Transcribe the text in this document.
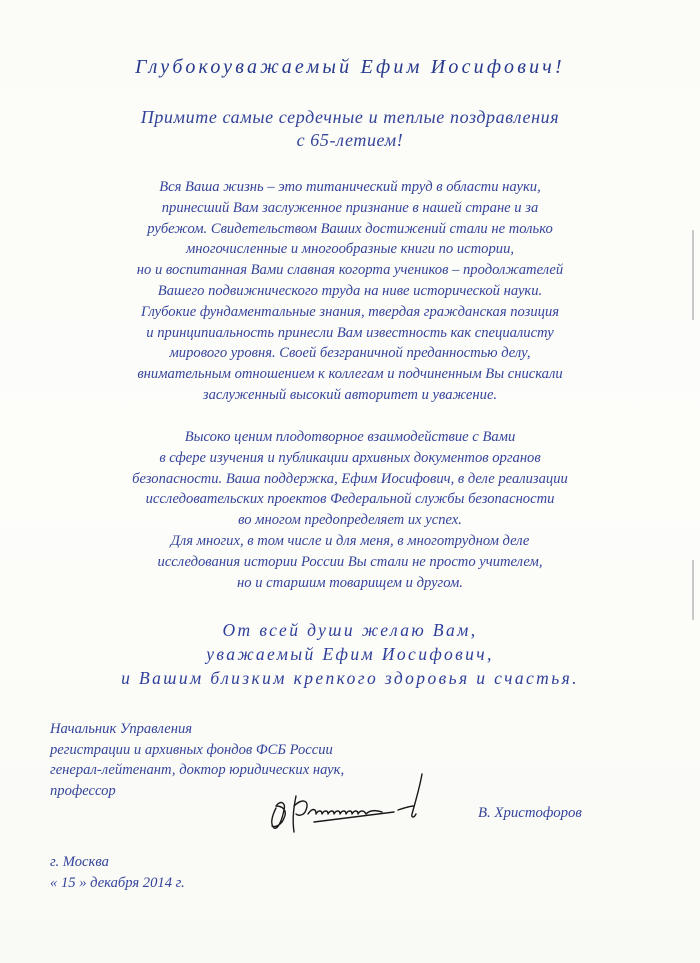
Глубокоуважаемый Ефим Иосифович!
Примите самые сердечные и теплые поздравления
с 65-летием!
Вся Ваша жизнь – это титанический труд в области науки,
принесший Вам заслуженное признание в нашей стране и за
рубежом. Свидетельством Ваших достижений стали не только
многочисленные и многообразные книги по истории,
но и воспитанная Вами славная когорта учеников – продолжателей
Вашего подвижнического труда на ниве исторической науки.
Глубокие фундаментальные знания, твердая гражданская позиция
и принципиальность принесли Вам известность как специалисту
мирового уровня. Своей безграничной преданностью делу,
внимательным отношением к коллегам и подчиненным Вы снискали
заслуженный высокий авторитет и уважение.
Высоко ценим плодотворное взаимодействие с Вами
в сфере изучения и публикации архивных документов органов
безопасности. Ваша поддержка, Ефим Иосифович, в деле реализации
исследовательских проектов Федеральной службы безопасности
во многом предопределяет их успех.
Для многих, в том числе и для меня, в многотрудном деле
исследования истории России Вы стали не просто учителем,
но и старшим товарищем и другом.
От всей души желаю Вам,
уважаемый Ефим Иосифович,
и Вашим близким крепкого здоровья и счастья.
Начальник Управления
регистрации и архивных фондов ФСБ России
генерал-лейтенант, доктор юридических наук,
профессор
В. Христофоров
г. Москва
« 15 » декабря 2014 г.
